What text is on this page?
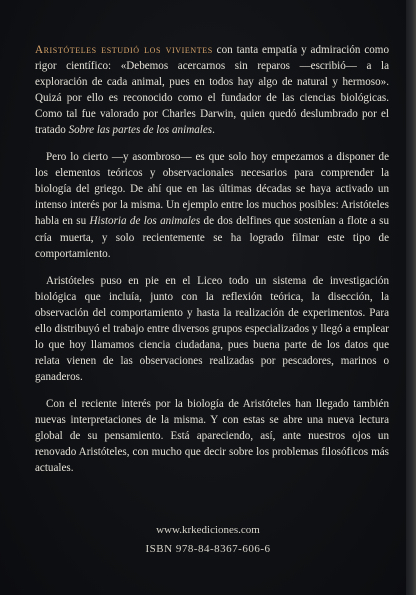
Aristóteles estudió los vivientes con tanta empatía y admiración como rigor científico: «Debemos acercarnos sin reparos —escribió— a la exploración de cada animal, pues en todos hay algo de natural y hermoso». Quizá por ello es reconocido como el fundador de las ciencias biológicas. Como tal fue valorado por Charles Darwin, quien quedó deslumbrado por el tratado Sobre las partes de los animales.

Pero lo cierto —y asombroso— es que solo hoy empezamos a disponer de los elementos teóricos y observacionales necesarios para comprender la biología del griego. De ahí que en las últimas décadas se haya activado un intenso interés por la misma. Un ejemplo entre los muchos posibles: Aristóteles habla en su Historia de los animales de dos delfines que sostenían a flote a su cría muerta, y solo recientemente se ha logrado filmar este tipo de comportamiento.

Aristóteles puso en pie en el Liceo todo un sistema de investigación biológica que incluía, junto con la reflexión teórica, la disección, la observación del comportamiento y hasta la realización de experimentos. Para ello distribuyó el trabajo entre diversos grupos especializados y llegó a emplear lo que hoy llamamos ciencia ciudadana, pues buena parte de los datos que relata vienen de las observaciones realizadas por pescadores, marinos o ganaderos.

Con el reciente interés por la biología de Aristóteles han llegado también nuevas interpretaciones de la misma. Y con estas se abre una nueva lectura global de su pensamiento. Está apareciendo, así, ante nuestros ojos un renovado Aristóteles, con mucho que decir sobre los problemas filosóficos más actuales.

www.krkediciones.com
ISBN 978-84-8367-606-6
